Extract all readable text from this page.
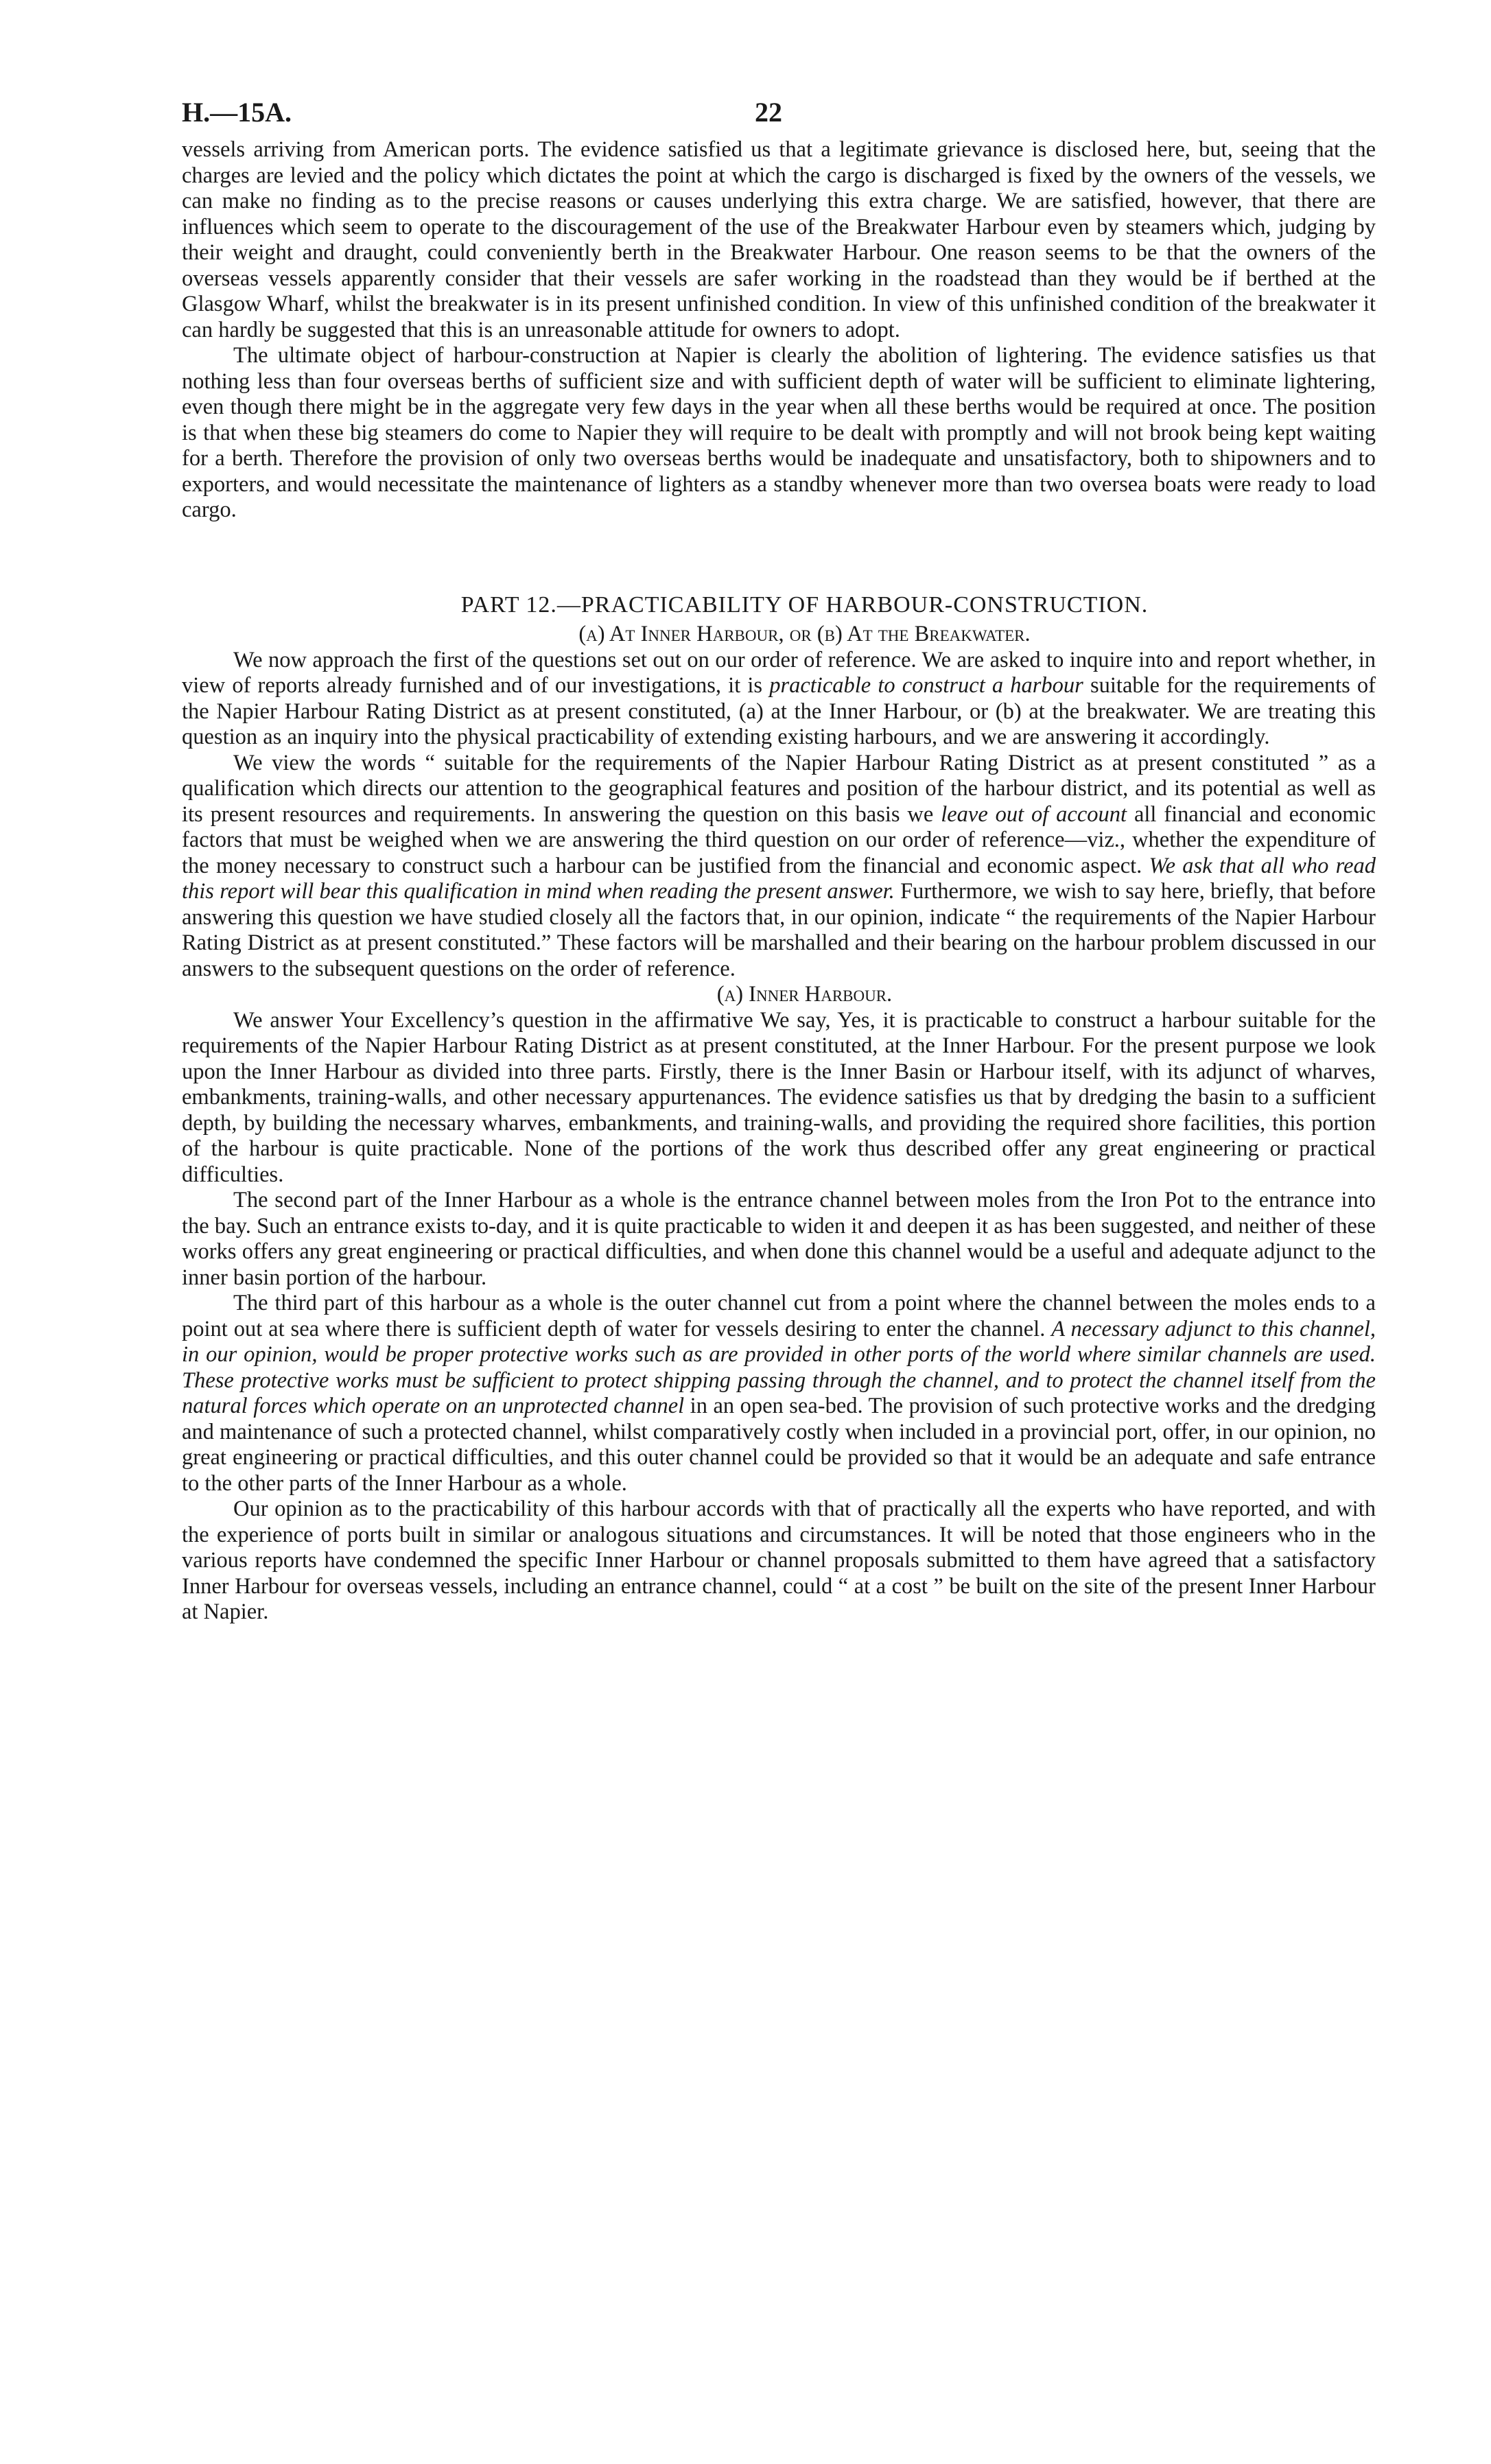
H.—15A.	22

vessels arriving from American ports. The evidence satisfied us that a legitimate grievance is disclosed here, but, seeing that the charges are levied and the policy which dictates the point at which the cargo is discharged is fixed by the owners of the vessels, we can make no finding as to the precise reasons or causes underlying this extra charge. We are satisfied, however, that there are influences which seem to operate to the discouragement of the use of the Breakwater Harbour even by steamers which, judging by their weight and draught, could conveniently berth in the Breakwater Harbour. One reason seems to be that the owners of the overseas vessels apparently consider that their vessels are safer working in the roadstead than they would be if berthed at the Glasgow Wharf, whilst the breakwater is in its present unfinished condition. In view of this unfinished condition of the breakwater it can hardly be suggested that this is an unreasonable attitude for owners to adopt.

The ultimate object of harbour-construction at Napier is clearly the abolition of lightering. The evidence satisfies us that nothing less than four overseas berths of sufficient size and with sufficient depth of water will be sufficient to eliminate lightering, even though there might be in the aggregate very few days in the year when all these berths would be required at once. The position is that when these big steamers do come to Napier they will require to be dealt with promptly and will not brook being kept waiting for a berth. Therefore the provision of only two overseas berths would be inadequate and unsatisfactory, both to shipowners and to exporters, and would necessitate the maintenance of lighters as a standby whenever more than two oversea boats were ready to load cargo.

PART 12.—PRACTICABILITY OF HARBOUR-CONSTRUCTION.

(a) At Inner Harbour, or (b) At the Breakwater.

We now approach the first of the questions set out on our order of reference. We are asked to inquire into and report whether, in view of reports already furnished and of our investigations, it is practicable to construct a harbour suitable for the requirements of the Napier Harbour Rating District as at present constituted, (a) at the Inner Harbour, or (b) at the breakwater. We are treating this question as an inquiry into the physical practicability of extending existing harbours, and we are answering it accordingly.

We view the words “ suitable for the requirements of the Napier Harbour Rating District as at present constituted ” as a qualification which directs our attention to the geographical features and position of the harbour district, and its potential as well as its present resources and requirements. In answering the question on this basis we leave out of account all financial and economic factors that must be weighed when we are answering the third question on our order of reference—viz., whether the expenditure of the money necessary to construct such a harbour can be justified from the financial and economic aspect. We ask that all who read this report will bear this qualification in mind when reading the present answer. Furthermore, we wish to say here, briefly, that before answering this question we have studied closely all the factors that, in our opinion, indicate “ the requirements of the Napier Harbour Rating District as at present constituted.” These factors will be marshalled and their bearing on the harbour problem discussed in our answers to the subsequent questions on the order of reference.

(a) Inner Harbour.

We answer Your Excellency’s question in the affirmative We say, Yes, it is practicable to construct a harbour suitable for the requirements of the Napier Harbour Rating District as at present constituted, at the Inner Harbour. For the present purpose we look upon the Inner Harbour as divided into three parts. Firstly, there is the Inner Basin or Harbour itself, with its adjunct of wharves, embankments, training-walls, and other necessary appurtenances. The evidence satisfies us that by dredging the basin to a sufficient depth, by building the necessary wharves, embankments, and training-walls, and providing the required shore facilities, this portion of the harbour is quite practicable. None of the portions of the work thus described offer any great engineering or practical difficulties.

The second part of the Inner Harbour as a whole is the entrance channel between moles from the Iron Pot to the entrance into the bay. Such an entrance exists to-day, and it is quite practicable to widen it and deepen it as has been suggested, and neither of these works offers any great engineering or practical difficulties, and when done this channel would be a useful and adequate adjunct to the inner basin portion of the harbour.

The third part of this harbour as a whole is the outer channel cut from a point where the channel between the moles ends to a point out at sea where there is sufficient depth of water for vessels desiring to enter the channel. A necessary adjunct to this channel, in our opinion, would be proper protective works such as are provided in other ports of the world where similar channels are used. These protective works must be sufficient to protect shipping passing through the channel, and to protect the channel itself from the natural forces which operate on an unprotected channel in an open sea-bed. The provision of such protective works and the dredging and maintenance of such a protected channel, whilst comparatively costly when included in a provincial port, offer, in our opinion, no great engineering or practical difficulties, and this outer channel could be provided so that it would be an adequate and safe entrance to the other parts of the Inner Harbour as a whole.

Our opinion as to the practicability of this harbour accords with that of practically all the experts who have reported, and with the experience of ports built in similar or analogous situations and circumstances. It will be noted that those engineers who in the various reports have condemned the specific Inner Harbour or channel proposals submitted to them have agreed that a satisfactory Inner Harbour for overseas vessels, including an entrance channel, could “ at a cost ” be built on the site of the present Inner Harbour at Napier.
